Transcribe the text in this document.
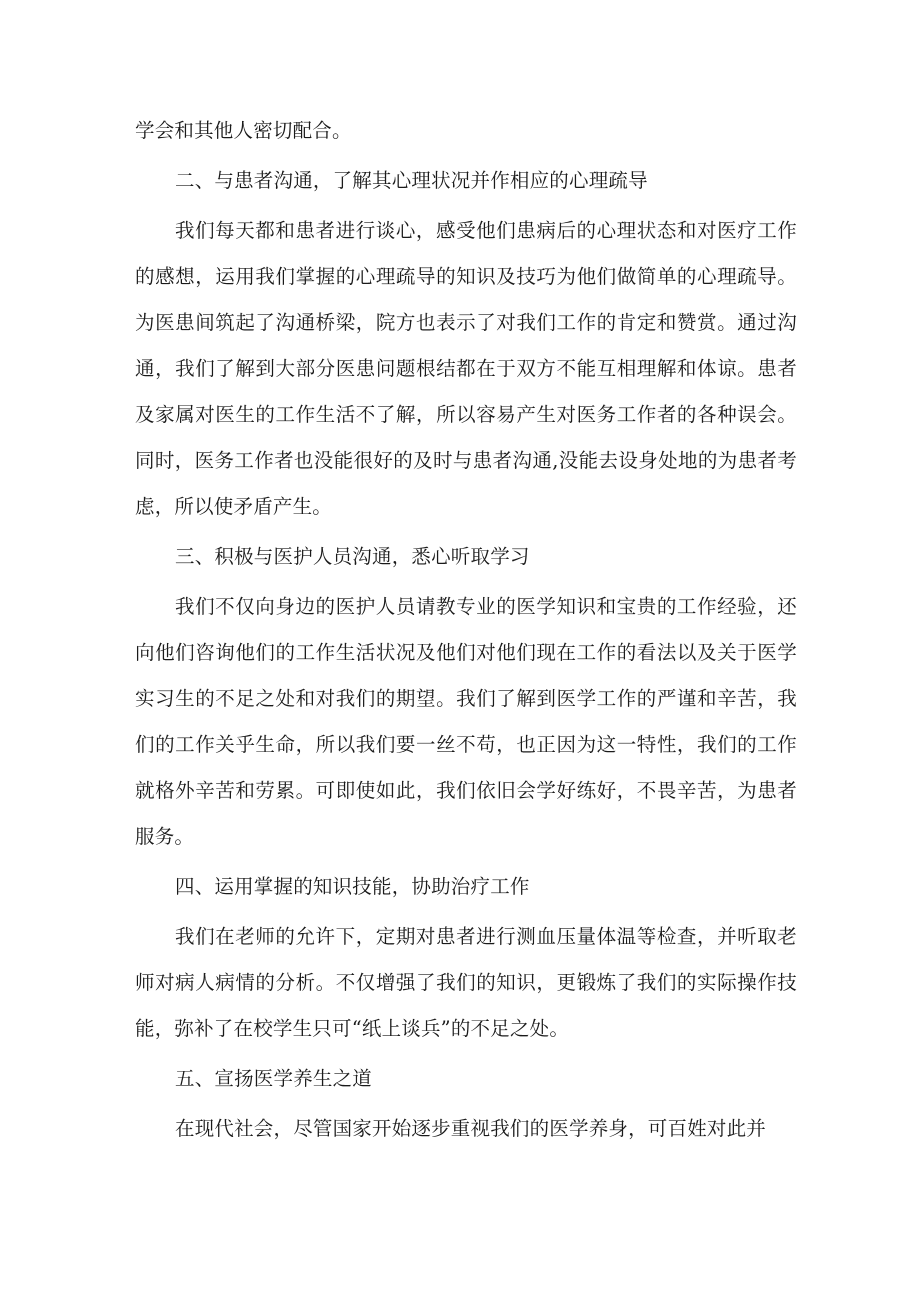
学会和其他人密切配合。

二、与患者沟通，了解其心理状况并作相应的心理疏导

我们每天都和患者进行谈心，感受他们患病后的心理状态和对医疗工作的感想，运用我们掌握的心理疏导的知识及技巧为他们做简单的心理疏导。为医患间筑起了沟通桥梁，院方也表示了对我们工作的肯定和赞赏。通过沟通，我们了解到大部分医患问题根结都在于双方不能互相理解和体谅。患者及家属对医生的工作生活不了解，所以容易产生对医务工作者的各种误会。同时，医务工作者也没能很好的及时与患者沟通,没能去设身处地的为患者考虑，所以使矛盾产生。

三、积极与医护人员沟通，悉心听取学习

我们不仅向身边的医护人员请教专业的医学知识和宝贵的工作经验，还向他们咨询他们的工作生活状况及他们对他们现在工作的看法以及关于医学实习生的不足之处和对我们的期望。我们了解到医学工作的严谨和辛苦，我们的工作关乎生命，所以我们要一丝不苟，也正因为这一特性，我们的工作就格外辛苦和劳累。可即使如此，我们依旧会学好练好，不畏辛苦，为患者服务。

四、运用掌握的知识技能，协助治疗工作

我们在老师的允许下，定期对患者进行测血压量体温等检查，并听取老师对病人病情的分析。不仅增强了我们的知识，更锻炼了我们的实际操作技能，弥补了在校学生只可“纸上谈兵”的不足之处。

五、宣扬医学养生之道

在现代社会，尽管国家开始逐步重视我们的医学养身，可百姓对此并
